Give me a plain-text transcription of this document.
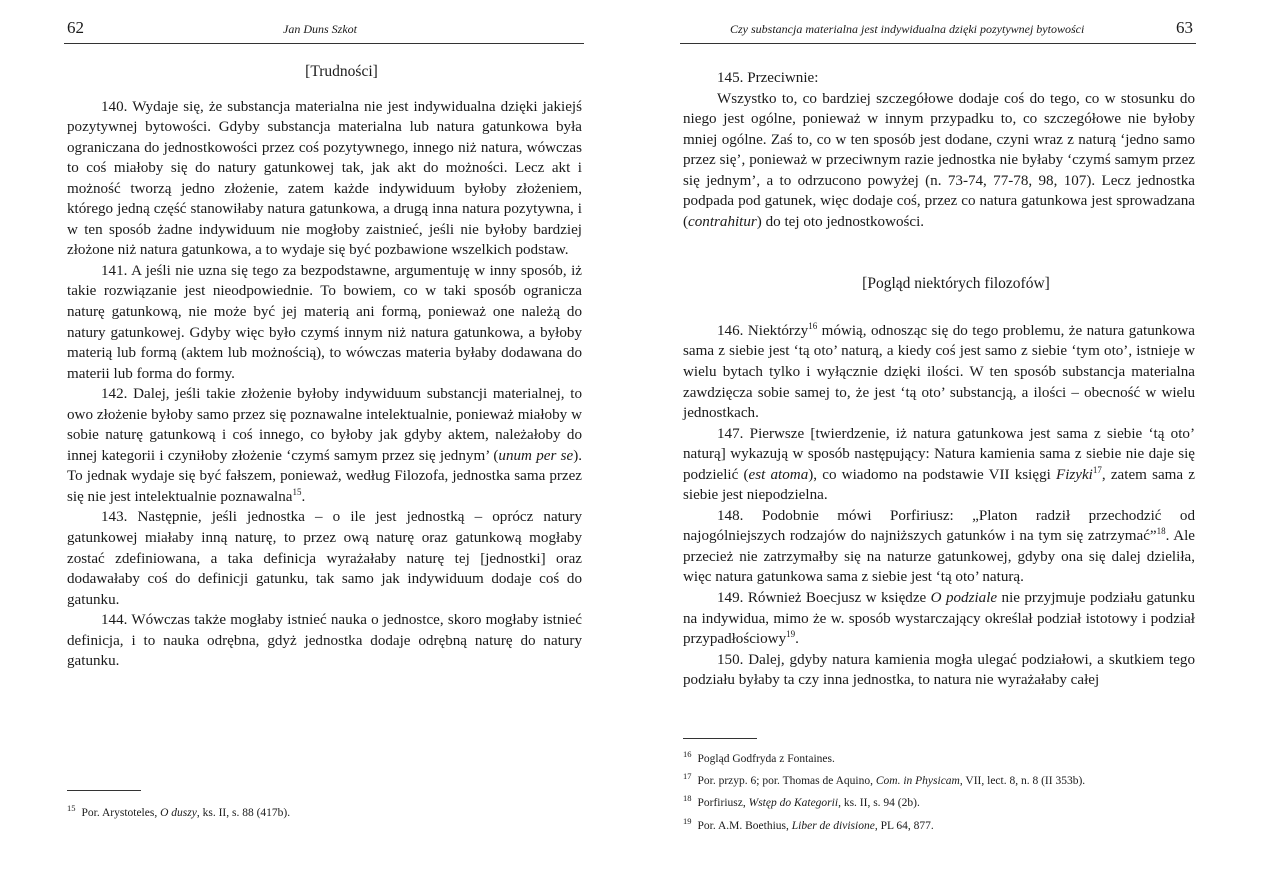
62	Jan Duns Szkot

[Trudności]

140. Wydaje się, że substancja materialna nie jest indywidualna dzięki jakiejś pozytywnej bytowości. Gdyby substancja materialna lub natura gatunkowa była ograniczana do jednostkowości przez coś pozytywnego, innego niż natura, wówczas to coś miałoby się do natury gatunkowej tak, jak akt do możności. Lecz akt i możność tworzą jedno złożenie, zatem każde indywiduum byłoby złożeniem, którego jedną część stanowiłaby natura gatunkowa, a drugą inna natura pozytywna, i w ten sposób żadne indywiduum nie mogłoby zaistnieć, jeśli nie byłoby bardziej złożone niż natura gatunkowa, a to wydaje się być pozbawione wszelkich podstaw.

141. A jeśli nie uzna się tego za bezpodstawne, argumentuję w inny sposób, iż takie rozwiązanie jest nieodpowiednie. To bowiem, co w taki sposób ogranicza naturę gatunkową, nie może być jej materią ani formą, ponieważ one należą do natury gatunkowej. Gdyby więc było czymś innym niż natura gatunkowa, a byłoby materią lub formą (aktem lub możnością), to wówczas materia byłaby dodawana do materii lub forma do formy.

142. Dalej, jeśli takie złożenie byłoby indywiduum substancji materialnej, to owo złożenie byłoby samo przez się poznawalne intelektualnie, ponieważ miałoby w sobie naturę gatunkową i coś innego, co byłoby jak gdyby aktem, należałoby do innej kategorii i czyniłoby złożenie ‘czymś samym przez się jednym’ (unum per se). To jednak wydaje się być fałszem, ponieważ, według Filozofa, jednostka sama przez się nie jest intelektualnie poznawalna$^{15}$.

143. Następnie, jeśli jednostka – o ile jest jednostką – oprócz natury gatunkowej miałaby inną naturę, to przez ową naturę oraz gatunkową mogłaby zostać zdefiniowana, a taka definicja wyrażałaby naturę tej [jednostki] oraz dodawałaby coś do definicji gatunku, tak samo jak indywiduum dodaje coś do gatunku.

144. Wówczas także mogłaby istnieć nauka o jednostce, skoro mogłaby istnieć definicja, i to nauka odrębna, gdyż jednostka dodaje odrębną naturę do natury gatunku.

$^{15}$ Por. Arystoteles, O duszy, ks. II, s. 88 (417b).
Czy substancja materialna jest indywidualna dzięki pozytywnej bytowości	63

145. Przeciwnie:

Wszystko to, co bardziej szczegółowe dodaje coś do tego, co w stosunku do niego jest ogólne, ponieważ w innym przypadku to, co szczegółowe nie byłoby mniej ogólne. Zaś to, co w ten sposób jest dodane, czyni wraz z naturą ‘jedno samo przez się’, ponieważ w przeciwnym razie jednostka nie byłaby ‘czymś samym przez się jednym’, a to odrzucono powyżej (n. 73-74, 77-78, 98, 107). Lecz jednostka podpada pod gatunek, więc dodaje coś, przez co natura gatunkowa jest sprowadzana (contrahitur) do tej oto jednostkowości.

[Pogląd niektórych filozofów]

146. Niektórzy$^{16}$ mówią, odnosząc się do tego problemu, że natura gatunkowa sama z siebie jest ‘tą oto’ naturą, a kiedy coś jest samo z siebie ‘tym oto’, istnieje w wielu bytach tylko i wyłącznie dzięki ilości. W ten sposób substancja materialna zawdzięcza sobie samej to, że jest ‘tą oto’ substancją, a ilości – obecność w wielu jednostkach.

147. Pierwsze [twierdzenie, iż natura gatunkowa jest sama z siebie ‘tą oto’ naturą] wykazują w sposób następujący: Natura kamienia sama z siebie nie daje się podzielić (est atoma), co wiadomo na podstawie VII księgi Fizyki$^{17}$, zatem sama z siebie jest niepodzielna.

148. Podobnie mówi Porfiriusz: „Platon radził przechodzić od najogólniejszych rodzajów do najniższych gatunków i na tym się zatrzymać”$^{18}$. Ale przecież nie zatrzymałby się na naturze gatunkowej, gdyby ona się dalej dzieliła, więc natura gatunkowa sama z siebie jest ‘tą oto’ naturą.

149. Również Boecjusz w księdze O podziale nie przyjmuje podziału gatunku na indywidua, mimo że w. sposób wystarczający określał podział istotowy i podział przypadłościowy$^{19}$.

150. Dalej, gdyby natura kamienia mogła ulegać podziałowi, a skutkiem tego podziału byłaby ta czy inna jednostka, to natura nie wyrażałaby całej

$^{16}$ Pogląd Godfryda z Fontaines.
$^{17}$ Por. przyp. 6; por. Thomas de Aquino, Com. in Physicam, VII, lect. 8, n. 8 (II 353b).
$^{18}$ Porfiriusz, Wstęp do Kategorii, ks. II, s. 94 (2b).
$^{19}$ Por. A.M. Boethius, Liber de divisione, PL 64, 877.
